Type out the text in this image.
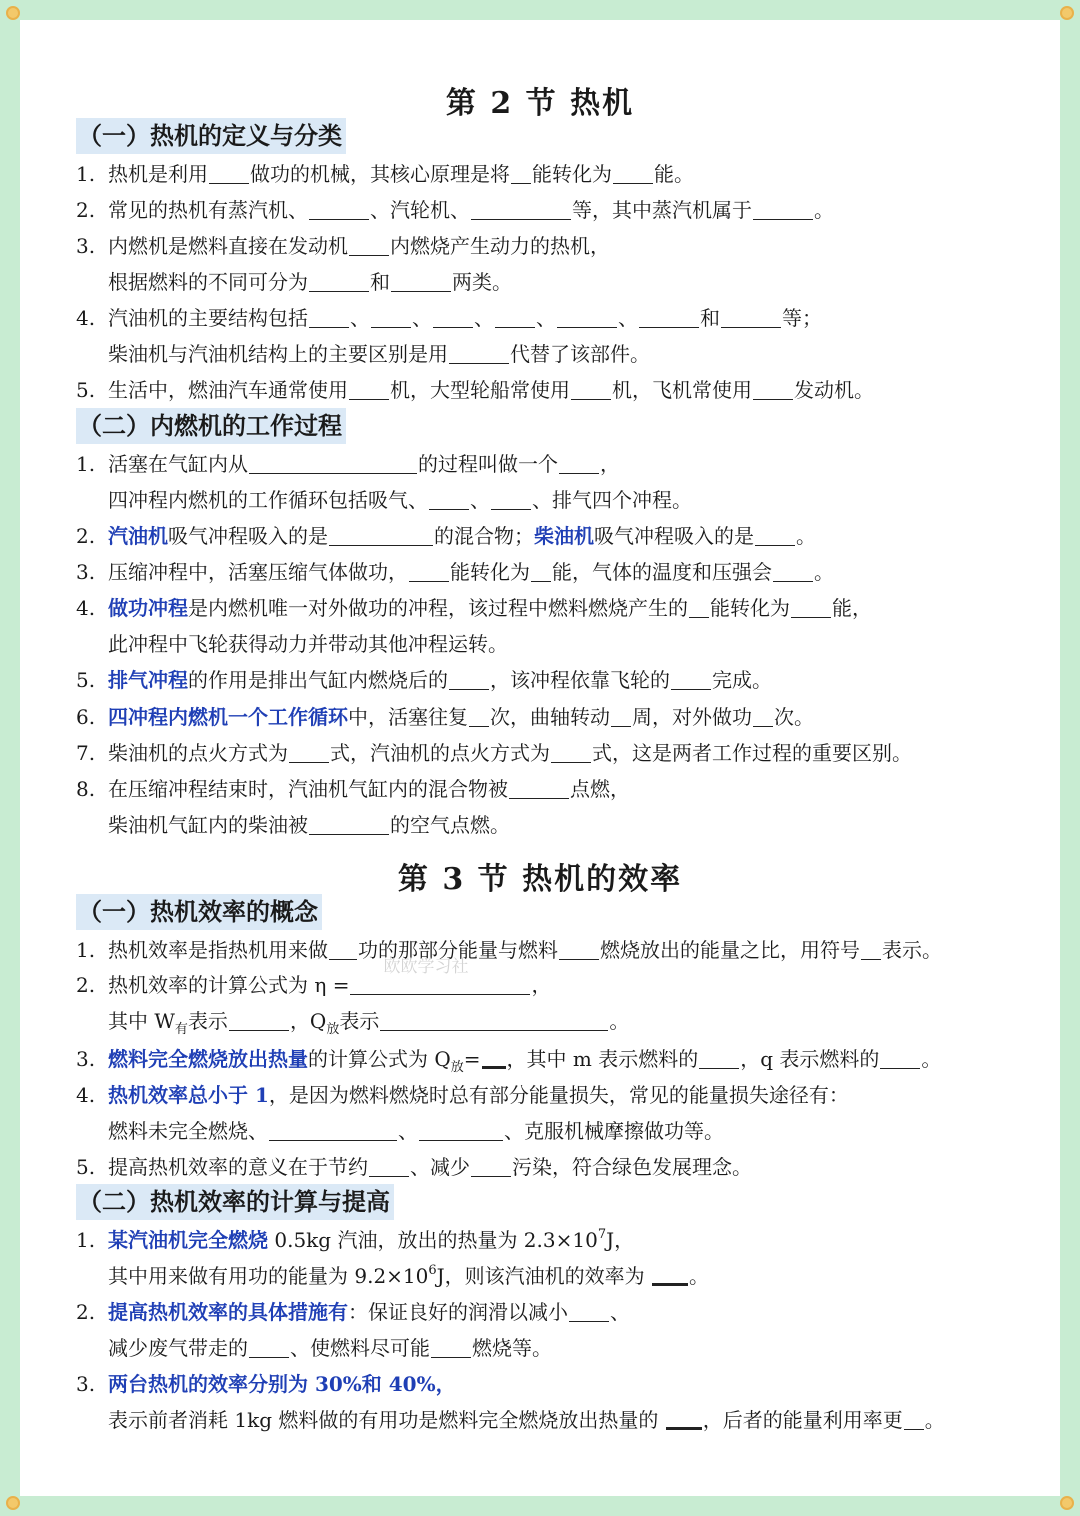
第 2 节 热机
（一）热机的定义与分类
1. 热机是利用 做功的机械，其核心原理是将 能转化为 能。
2. 常见的热机有蒸汽机、	、汽轮机、	等，其中蒸汽机属于	。
3. 内燃机是燃料直接在发动机 内燃烧产生动力的热机，
根据燃料的不同可分为	和	两类。
4. 汽油机的主要结构包括 、 、 、 、	、	和	等；
柴油机与汽油机结构上的主要区别是用	代替了该部件。
5. 生活中，燃油汽车通常使用 机，大型轮船常使用 机，飞机常使用 发动机。
（二）内燃机的工作过程
1. 活塞在气缸内从	的过程叫做一个 ，
四冲程内燃机的工作循环包括吸气、 、 、排气四个冲程。
2. 汽油机吸气冲程吸入的是	的混合物；柴油机吸气冲程吸入的是 。
3. 压缩冲程中，活塞压缩气体做功， 能转化为 能，气体的温度和压强会 。
4. 做功冲程是内燃机唯一对外做功的冲程，该过程中燃料燃烧产生的 能转化为 能，
此冲程中飞轮获得动力并带动其他冲程运转。
5. 排气冲程的作用是排出气缸内燃烧后的 ，该冲程依靠飞轮的 完成。
6. 四冲程内燃机一个工作循环中，活塞往复 次，曲轴转动 周，对外做功 次。
7. 柴油机的点火方式为 式，汽油机的点火方式为 式，这是两者工作过程的重要区别。
8. 在压缩冲程结束时，汽油机气缸内的混合物被	点燃，
柴油机气缸内的柴油被	的空气点燃。
第 3 节 热机的效率
（一）热机效率的概念
1. 热机效率是指热机用来做 功的那部分能量与燃料 燃烧放出的能量之比，用符号 表示。
2. 热机效率的计算公式为 η =	，
其中 $W_有$表示	，$Q_放$表示	。
3. 燃料完全燃烧放出热量的计算公式为 $Q_放=$ ，其中 m 表示燃料的 ，q 表示燃料的 。
4. 热机效率总小于 1，是因为燃料燃烧时总有部分能量损失，常见的能量损失途径有：
燃料未完全燃烧、	、	、克服机械摩擦做功等。
5. 提高热机效率的意义在于节约 、减少 污染，符合绿色发展理念。
（二）热机效率的计算与提高
1. 某汽油机完全燃烧 0.5kg 汽油，放出的热量为 $2.3\times 10^7J$，
其中用来做有用功的能量为 $9.2\times 10^6J$，则该汽油机的效率为 。
2. 提高热机效率的具体措施有：保证良好的润滑以减小 、
减少废气带走的 、使燃料尽可能 燃烧等。
3. 两台热机的效率分别为 30%和 40%，
表示前者消耗 1kg 燃料做的有用功是燃料完全燃烧放出热量的 ，后者的能量利用率更 。
欧欧学习社
